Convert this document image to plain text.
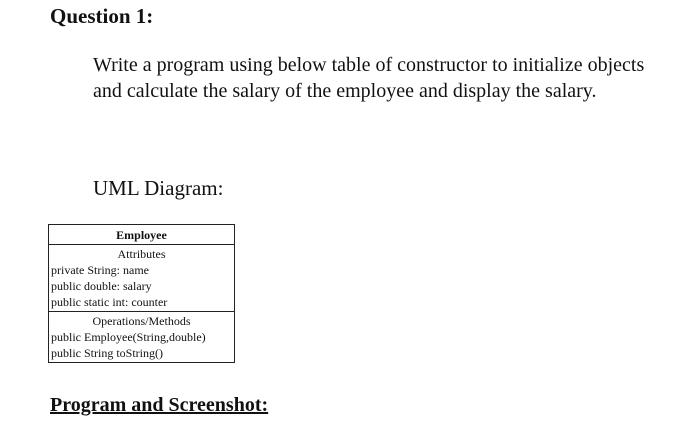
Question 1:
Write a program using below table of constructor to initialize objects and calculate the salary of the employee and display the salary.
UML Diagram:
Employee
Attributes
private String: name
public double: salary
public static int: counter
Operations/Methods
public Employee(String,double)
public String toString()
Program and Screenshot:
